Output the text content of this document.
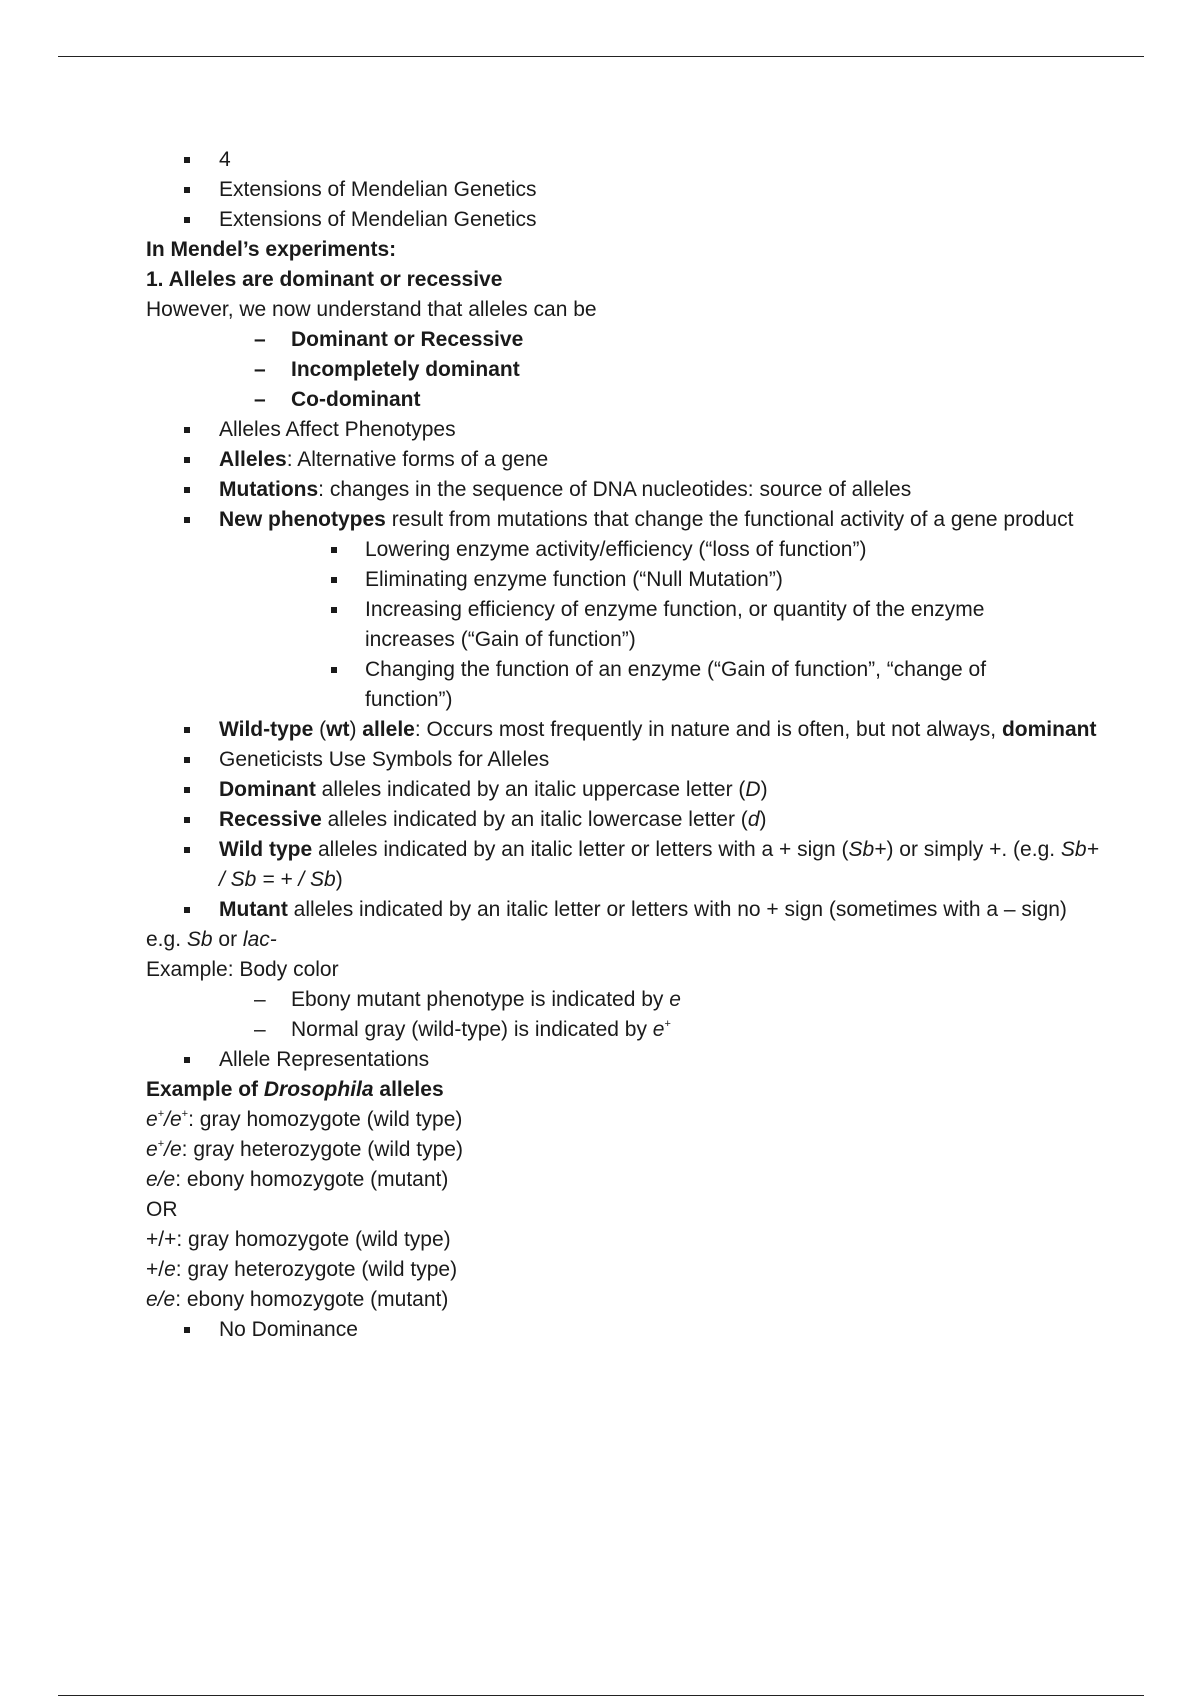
4
Extensions of Mendelian Genetics
Extensions of Mendelian Genetics
In Mendel’s experiments:
1. Alleles are dominant or recessive
However, we now understand that alleles can be
– Dominant or Recessive
– Incompletely dominant
– Co-dominant
Alleles Affect Phenotypes
Alleles: Alternative forms of a gene
Mutations: changes in the sequence of DNA nucleotides: source of alleles
New phenotypes result from mutations that change the functional activity of a gene product
Lowering enzyme activity/efficiency (“loss of function”)
Eliminating enzyme function (“Null Mutation”)
Increasing efficiency of enzyme function, or quantity of the enzyme increases (“Gain of function”)
Changing the function of an enzyme (“Gain of function”, “change of function”)
Wild-type (wt) allele: Occurs most frequently in nature and is often, but not always, dominant
Geneticists Use Symbols for Alleles
Dominant alleles indicated by an italic uppercase letter (D)
Recessive alleles indicated by an italic lowercase letter (d)
Wild type alleles indicated by an italic letter or letters with a + sign (Sb+) or simply +. (e.g. Sb+ / Sb = + / Sb)
Mutant alleles indicated by an italic letter or letters with no + sign (sometimes with a – sign)
e.g. Sb or lac-
Example: Body color
– Ebony mutant phenotype is indicated by e
– Normal gray (wild-type) is indicated by e+
Allele Representations
Example of Drosophila alleles
e+/e+: gray homozygote (wild type)
e+/e: gray heterozygote (wild type)
e/e: ebony homozygote (mutant)
OR
+/+: gray homozygote (wild type)
+/e: gray heterozygote (wild type)
e/e: ebony homozygote (mutant)
No Dominance
